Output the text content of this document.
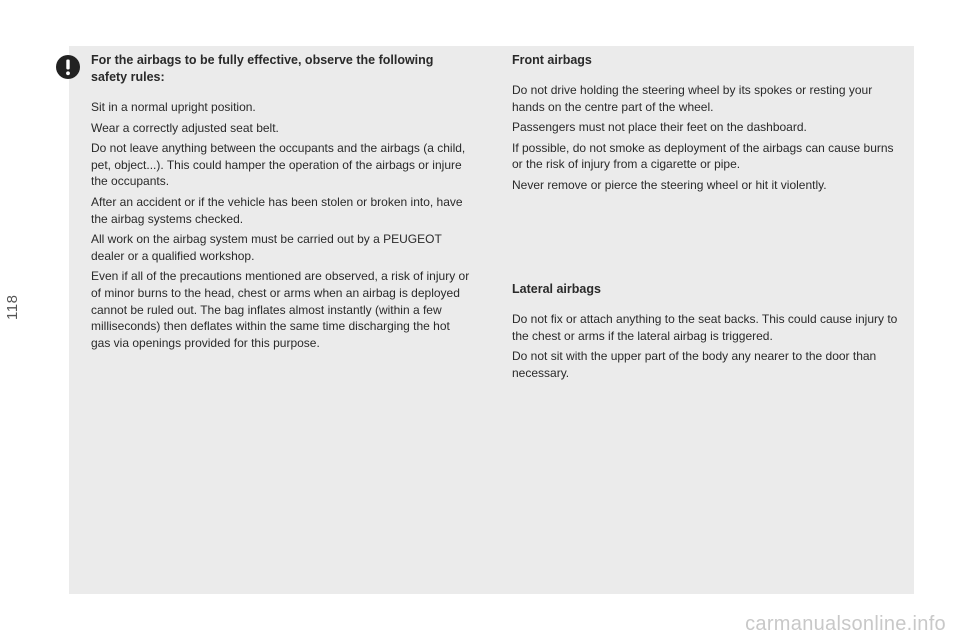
118
For the airbags to be fully effective, observe the following safety rules:

Sit in a normal upright position.

Wear a correctly adjusted seat belt.

Do not leave anything between the occupants and the airbags (a child, pet, object...). This could hamper the operation of the airbags or injure the occupants.

After an accident or if the vehicle has been stolen or broken into, have the airbag systems checked.

All work on the airbag system must be carried out by a PEUGEOT dealer or a qualified workshop.

Even if all of the precautions mentioned are observed, a risk of injury or of minor burns to the head, chest or arms when an airbag is deployed cannot be ruled out. The bag inflates almost instantly (within a few milliseconds) then deflates within the same time discharging the hot gas via openings provided for this purpose.

Front airbags

Do not drive holding the steering wheel by its spokes or resting your hands on the centre part of the wheel.

Passengers must not place their feet on the dashboard.

If possible, do not smoke as deployment of the airbags can cause burns or the risk of injury from a cigarette or pipe.

Never remove or pierce the steering wheel or hit it violently.

Lateral airbags

Do not fix or attach anything to the seat backs. This could cause injury to the chest or arms if the lateral airbag is triggered.

Do not sit with the upper part of the body any nearer to the door than necessary.

carmanualsonline.info
